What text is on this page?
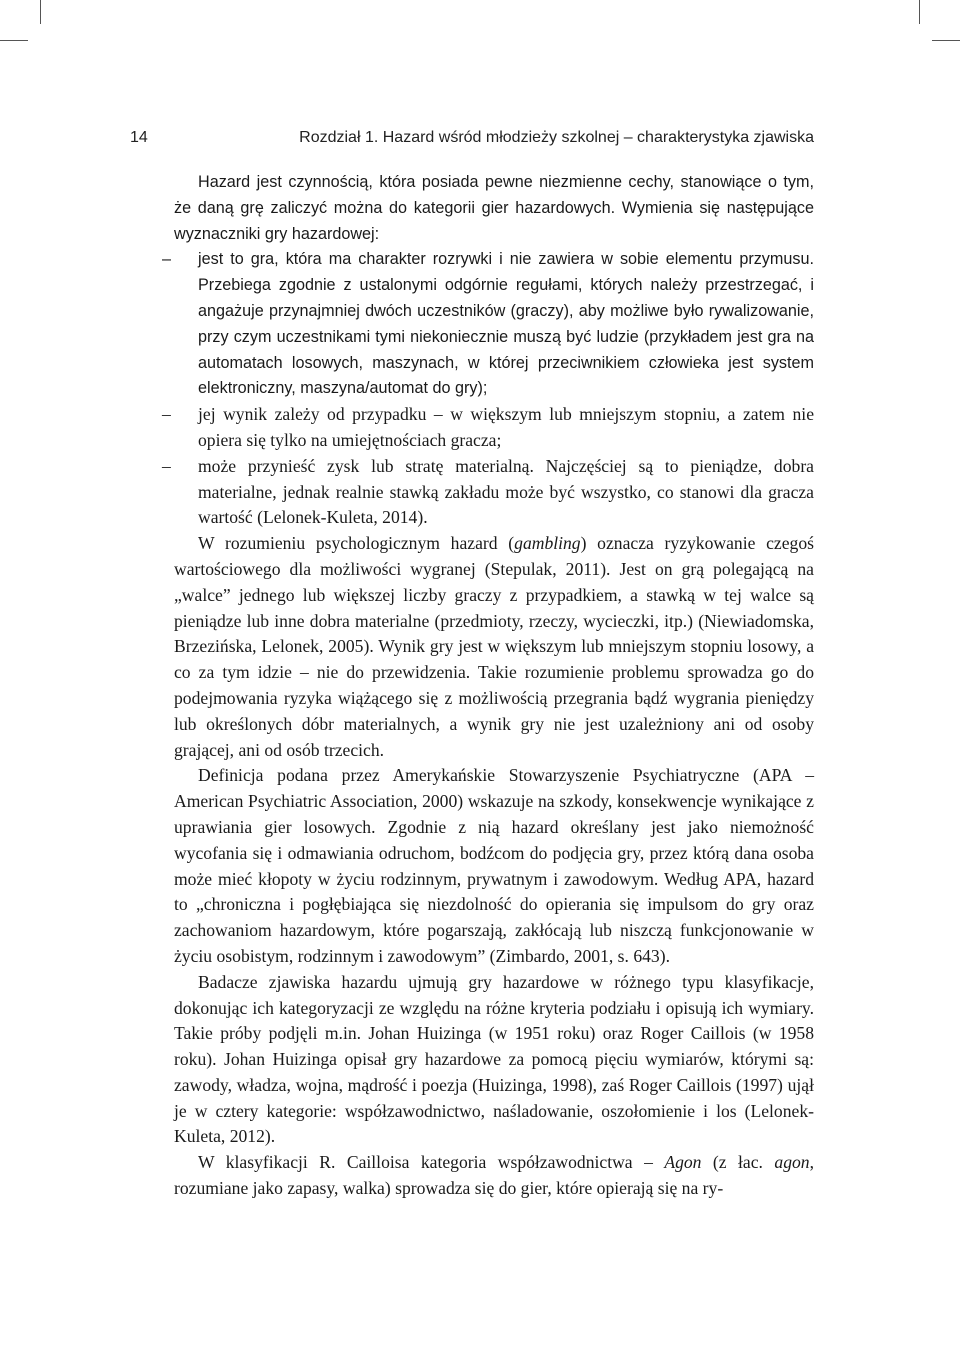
14	Rozdział 1. Hazard wśród młodzieży szkolnej – charakterystyka zjawiska

Hazard jest czynnością, która posiada pewne niezmienne cechy, stanowiące o tym, że daną grę zaliczyć można do kategorii gier hazardowych. Wymienia się następujące wyznaczniki gry hazardowej:

– jest to gra, która ma charakter rozrywki i nie zawiera w sobie elementu przymusu. Przebiega zgodnie z ustalonymi odgórnie regułami, których należy przestrzegać, i angażuje przynajmniej dwóch uczestników (graczy), aby możliwe było rywalizowanie, przy czym uczestnikami tymi niekoniecznie muszą być ludzie (przykładem jest gra na automatach losowych, maszynach, w której przeciwnikiem człowieka jest system elektroniczny, maszyna/automat do gry);
– jej wynik zależy od przypadku – w większym lub mniejszym stopniu, a zatem nie opiera się tylko na umiejętnościach gracza;
– może przynieść zysk lub stratę materialną. Najczęściej są to pieniądze, dobra materialne, jednak realnie stawką zakładu może być wszystko, co stanowi dla gracza wartość (Lelonek-Kuleta, 2014).

W rozumieniu psychologicznym hazard (gambling) oznacza ryzykowanie czegoś wartościowego dla możliwości wygranej (Stepulak, 2011). Jest on grą polegającą na „walce” jednego lub większej liczby graczy z przypadkiem, a stawką w tej walce są pieniądze lub inne dobra materialne (przedmioty, rzeczy, wycieczki, itp.) (Niewiadomska, Brzezińska, Lelonek, 2005). Wynik gry jest w większym lub mniejszym stopniu losowy, a co za tym idzie – nie do przewidzenia. Takie rozumienie problemu sprowadza go do podejmowania ryzyka wiążącego się z możliwością przegrania bądź wygrania pieniędzy lub określonych dóbr materialnych, a wynik gry nie jest uzależniony ani od osoby grającej, ani od osób trzecich.

Definicja podana przez Amerykańskie Stowarzyszenie Psychiatryczne (APA – American Psychiatric Association, 2000) wskazuje na szkody, konsekwencje wynikające z uprawiania gier losowych. Zgodnie z nią hazard określany jest jako niemożność wycofania się i odmawiania odruchom, bodźcom do podjęcia gry, przez którą dana osoba może mieć kłopoty w życiu rodzinnym, prywatnym i zawodowym. Według APA, hazard to „chroniczna i pogłębiająca się niezdolność do opierania się impulsom do gry oraz zachowaniom hazardowym, które pogarszają, zakłócają lub niszczą funkcjonowanie w życiu osobistym, rodzinnym i zawodowym” (Zimbardo, 2001, s. 643).

Badacze zjawiska hazardu ujmują gry hazardowe w różnego typu klasyfikacje, dokonując ich kategoryzacji ze względu na różne kryteria podziału i opisują ich wymiary. Takie próby podjęli m.in. Johan Huizinga (w 1951 roku) oraz Roger Caillois (w 1958 roku). Johan Huizinga opisał gry hazardowe za pomocą pięciu wymiarów, którymi są: zawody, władza, wojna, mądrość i poezja (Huizinga, 1998), zaś Roger Caillois (1997) ujął je w cztery kategorie: współzawodnictwo, naśladowanie, oszołomienie i los (Lelonek-Kuleta, 2012).

W klasyfikacji R. Cailloisa kategoria współzawodnictwa – Agon (z łac. agon, rozumiane jako zapasy, walka) sprowadza się do gier, które opierają się na ry-
